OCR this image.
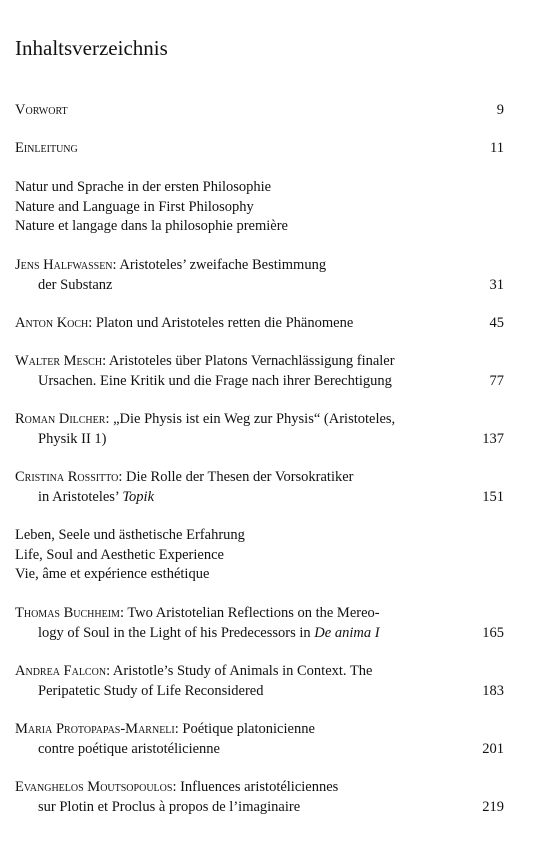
Inhaltsverzeichnis
Vorwort	9
Einleitung	11
Natur und Sprache in der ersten Philosophie
Nature and Language in First Philosophy
Nature et langage dans la philosophie première
Jens Halfwassen: Aristoteles’ zweifache Bestimmung
der Substanz	31
Anton Koch: Platon und Aristoteles retten die Phänomene	45
Walter Mesch: Aristoteles über Platons Vernachlässigung finaler
Ursachen. Eine Kritik und die Frage nach ihrer Berechtigung	77
Roman Dilcher: „Die Physis ist ein Weg zur Physis“ (Aristoteles,
Physik II 1)	137
Cristina Rossitto: Die Rolle der Thesen der Vorsokratiker
in Aristoteles’ Topik	151
Leben, Seele und ästhetische Erfahrung
Life, Soul and Aesthetic Experience
Vie, âme et expérience esthétique
Thomas Buchheim: Two Aristotelian Reflections on the Mereo-
logy of Soul in the Light of his Predecessors in De anima I	165
Andrea Falcon: Aristotle’s Study of Animals in Context. The
Peripatetic Study of Life Reconsidered	183
Maria Protopapas-Marneli: Poétique platonicienne
contre poétique aristotélicienne	201
Evanghelos Moutsopoulos: Influences aristotéliciennes
sur Plotin et Proclus à propos de l’imaginaire	219
